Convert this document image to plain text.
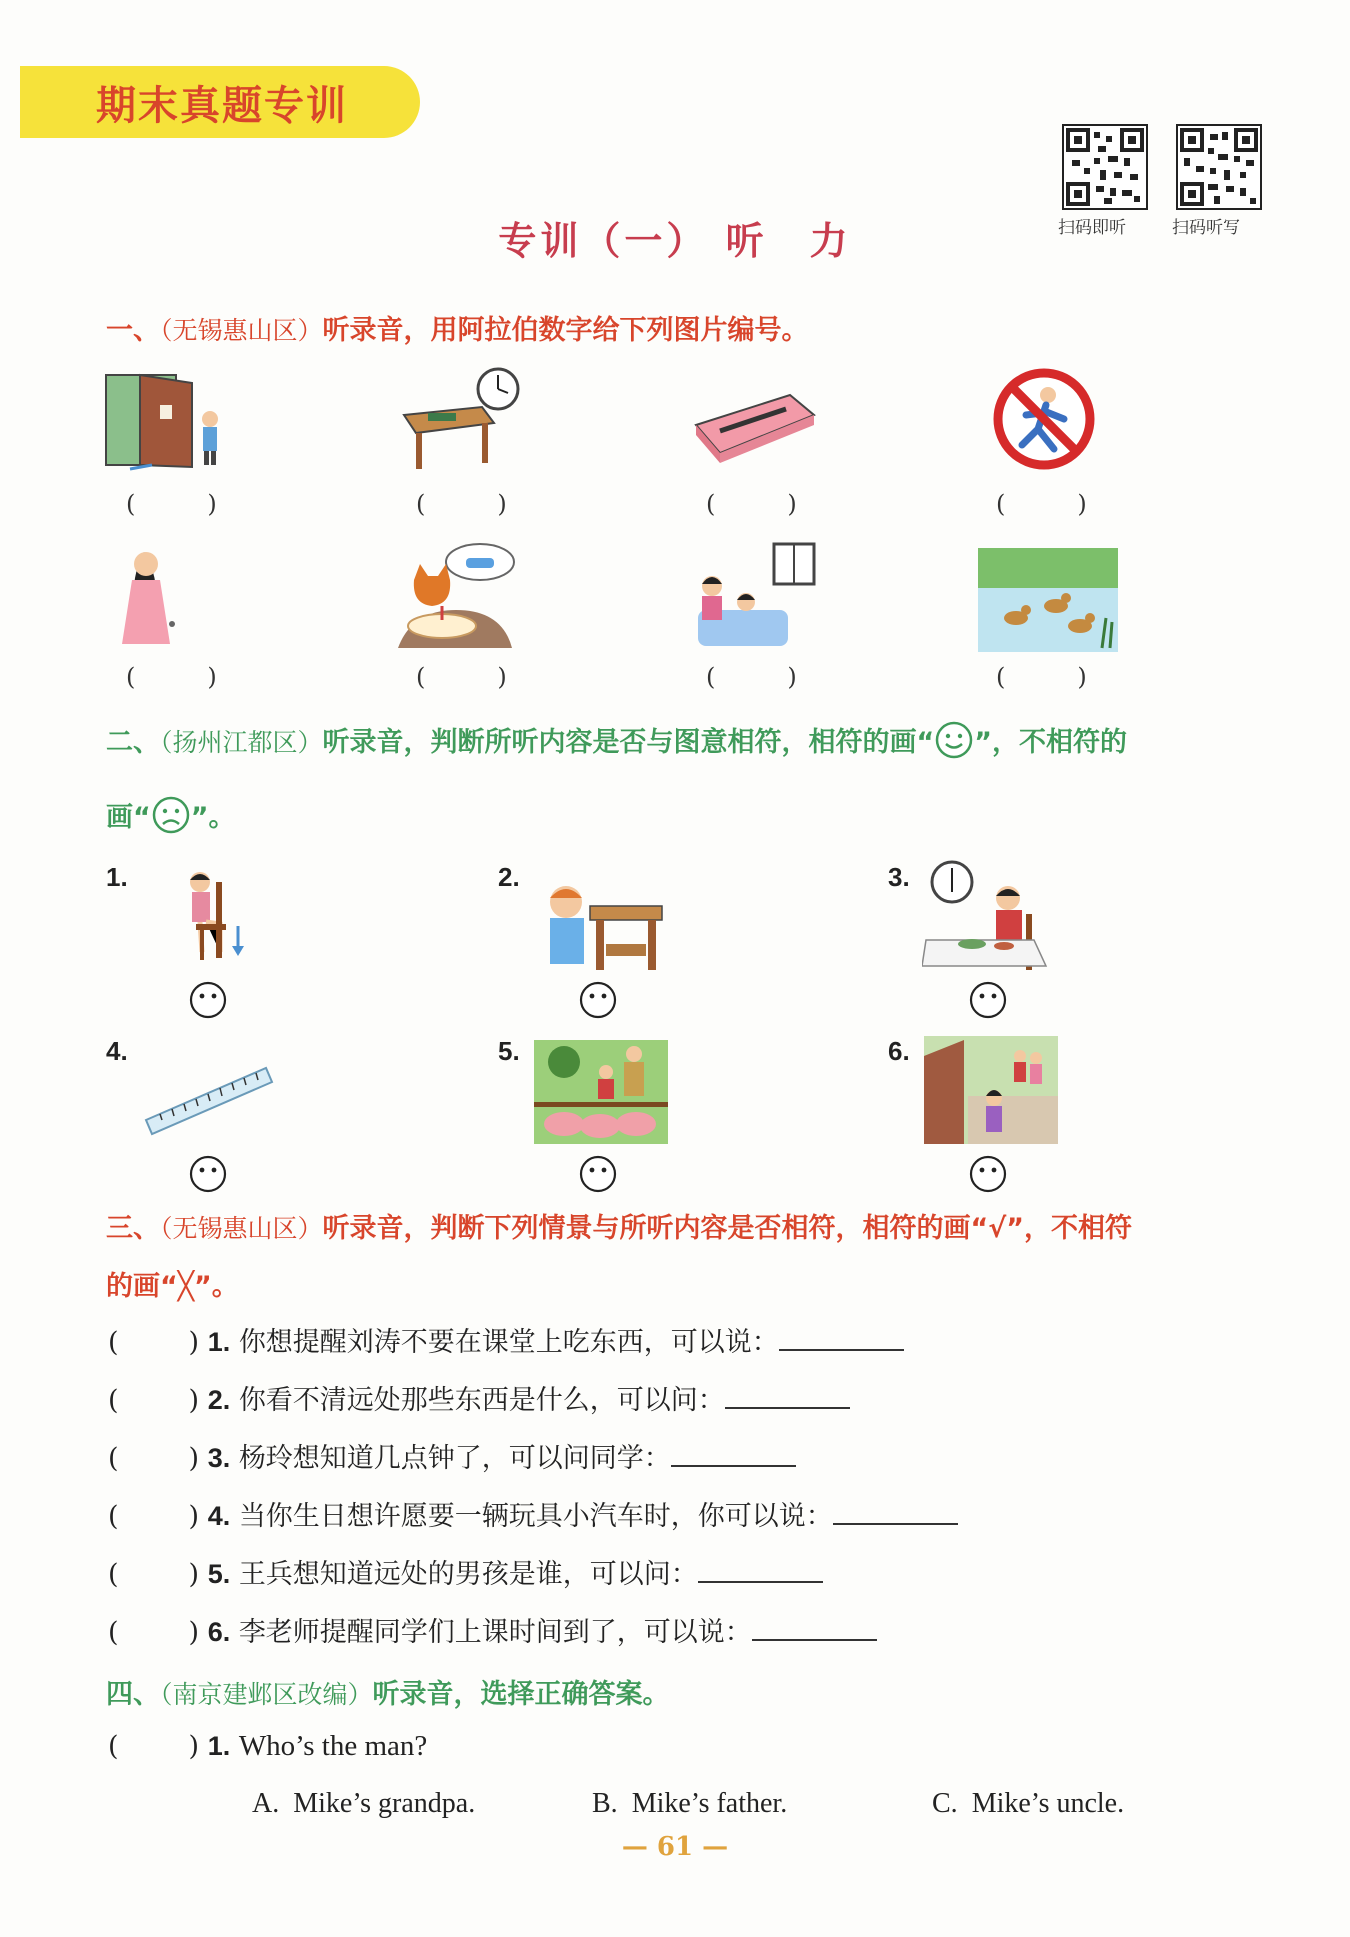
期末真题专训
扫码即听	扫码听写
专训（一） 听　力
一、（无锡惠山区）听录音，用阿拉伯数字给下列图片编号。
(　　　)	(　　　)	(　　　)	(　　　)
(　　　)	(　　　)	(　　　)	(　　　)
二、（扬州江都区）听录音，判断所听内容是否与图意相符，相符的画“ ”，不相符的
画“ ”。
1.	2.	3.
4.	5.	6.
三、（无锡惠山区）听录音，判断下列情景与所听内容是否相符，相符的画“√”，不相符
的画“╳”。
(	) 1. 你想提醒刘涛不要在课堂上吃东西，可以说：
(	) 2. 你看不清远处那些东西是什么，可以问：
(	) 3. 杨玲想知道几点钟了，可以问同学：
(	) 4. 当你生日想许愿要一辆玩具小汽车时，你可以说：
(	) 5. 王兵想知道远处的男孩是谁，可以问：
(	) 6. 李老师提醒同学们上课时间到了，可以说：
四、（南京建邺区改编）听录音，选择正确答案。
(	) 1. Who’s the man?
A. Mike’s grandpa.	B. Mike’s father.	C. Mike’s uncle.
— 61 —
